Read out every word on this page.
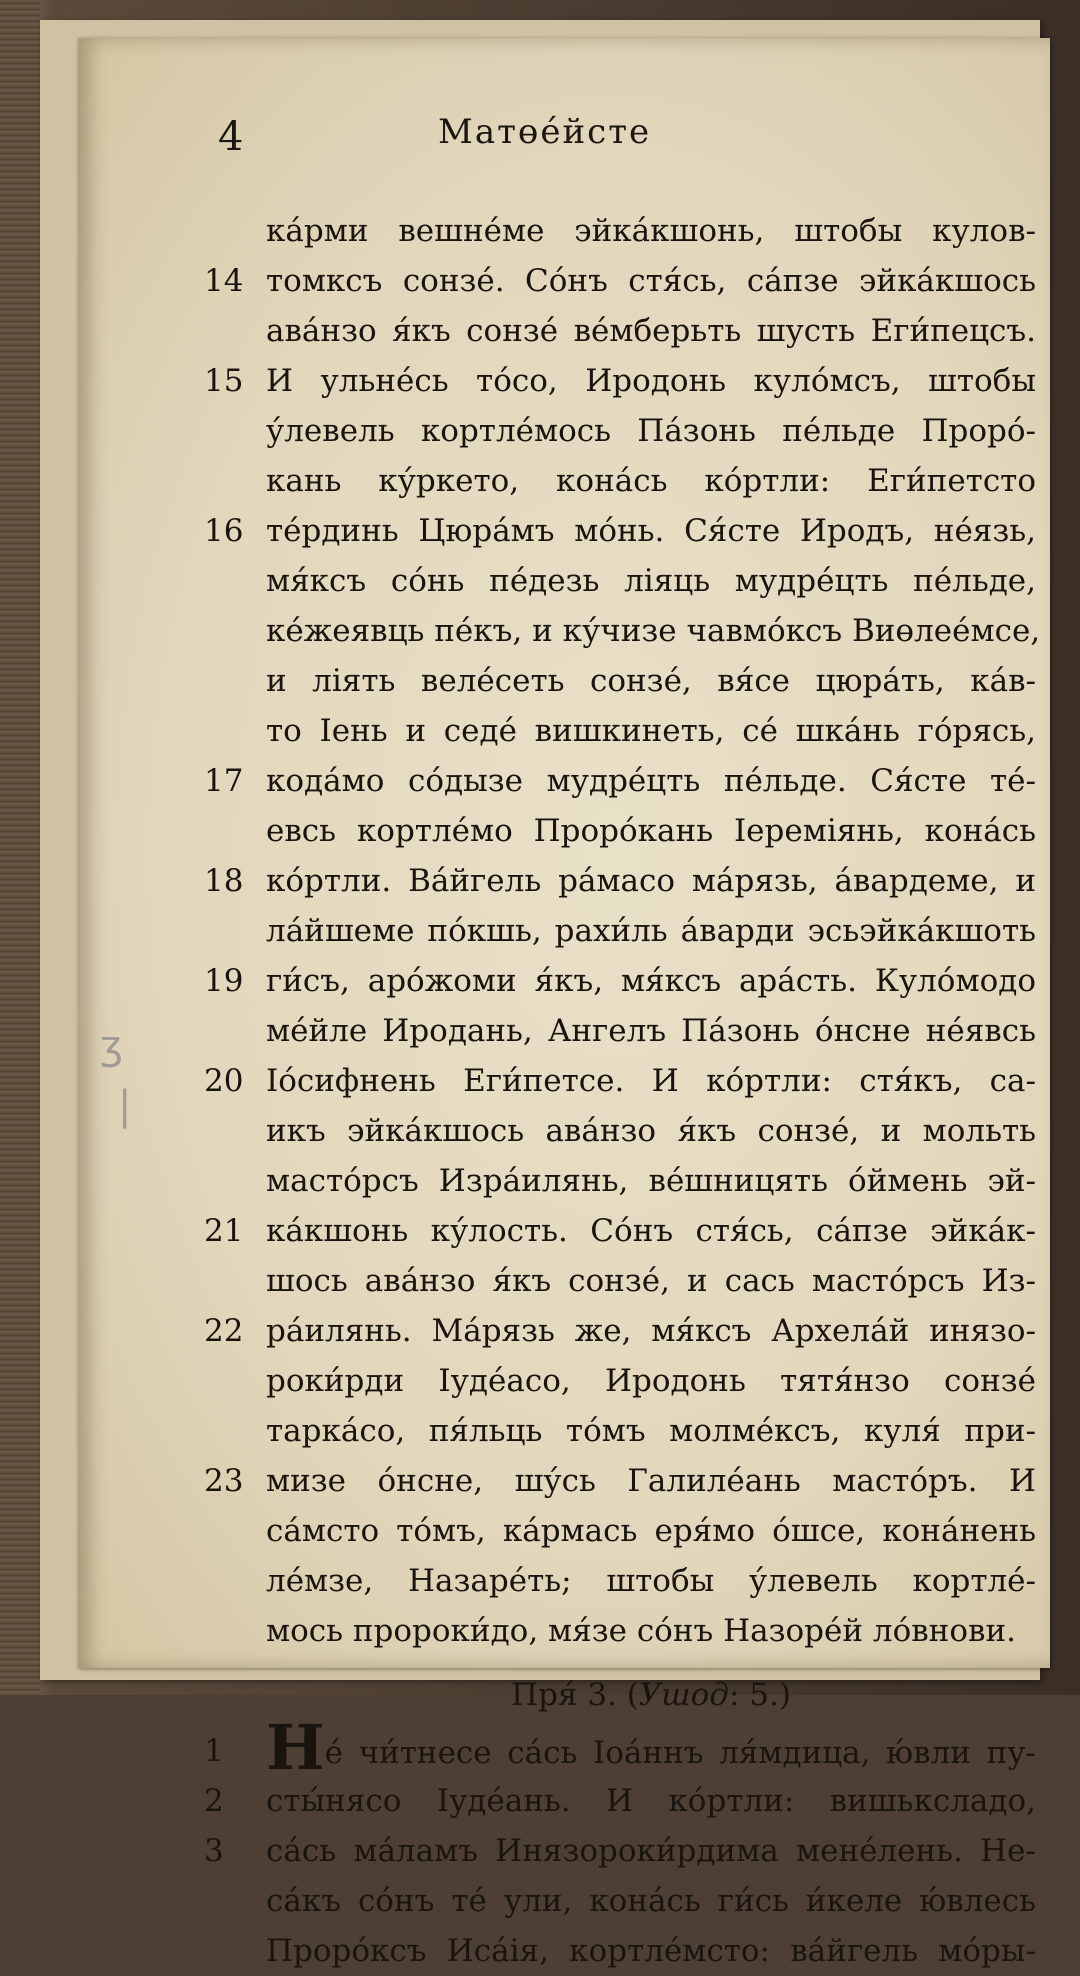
4	Матөе́йсте
ʒ
|
ка́рми вешне́ме эйка́кшонь, штобы кулов-
14 томксъ сонзе́. Со́нъ стя́сь, са́пзе эйка́кшось
ава́нзо я́къ сонзе́ ве́мберьть шусть Еги́пецсъ.
15 И ульне́сь то́со, Иродонь куло́мсъ, штобы
у́левель кортле́мось Па́зонь пе́льде Проро́-
кань ку́ркето, кона́сь ко́ртли: Еги́петсто
16 те́рдинь Цюра́мъ мо́нь. Ся́сте Иродъ, не́язь,
мя́ксъ со́нь пе́дезь ліяць мудре́цть пе́льде,
ке́жеявць пе́къ, и ку́чизе чавмо́ксъ Виөлее́мсе,
и ліять веле́сеть сонзе́, вя́се цюра́ть, ка́в-
то Іень и седе́ вишкинеть, се́ шка́нь го́рясь,
17 кода́мо со́дызе мудре́цть пе́льде. Ся́сте те́-
евсь кортле́мо Проро́кань Іереміянь, кона́сь
18 ко́ртли. Ва́йгель ра́масо ма́рязь, а́вардеме, и
ла́йшеме по́кшь, рахи́ль а́варди эсьэйка́кшоть
19 ги́съ, аро́жоми я́къ, мя́ксъ ара́сть. Куло́модо
ме́йле Иродань, Ангелъ Па́зонь о́нсне не́явсь
20 Іо́сифнень Еги́петсе. И ко́ртли: стя́къ, са-
икъ эйка́кшось ава́нзо я́къ сонзе́, и мольть
масто́рсъ Изра́илянь, ве́шницять о́ймень эй-
21 ка́кшонь ку́лость. Со́нъ стя́сь, са́пзе эйка́к-
шось ава́нзо я́къ сонзе́, и сась масто́рсъ Из-
22 ра́илянь. Ма́рязь же, мя́ксъ Архела́й инязо-
роки́рди Іуде́асо, Иродонь тятя́нзо сонзе́
тарка́со, пя́льць то́мъ молме́ксъ, куля́ при-
23 мизе о́нсне, шу́сь Галиле́ань масто́ръ. И
са́мсто то́мъ, ка́рмась еря́мо о́шсе, кона́нень
ле́мзе, Назаре́ть; штобы у́левель кортле́-
мось пророки́до, мя́зе со́нъ Назоре́й ло́внови.
Пря́ 3. (Ушод: 5.)
1 Не́ чи́тнесе са́сь Іоа́ннъ ля́мдица, ю́вли пу-
2	сты́нясо Іуде́ань. И ко́ртли: вишьксладо,
3	са́сь ма́ламъ Инязороки́рдима мене́лень. Не-
са́къ со́нъ те́ ули, кона́сь ги́сь и́келе ю́влесь
Проро́ксъ Иса́ія, кортле́мсто: ва́йгель мо́ры-
